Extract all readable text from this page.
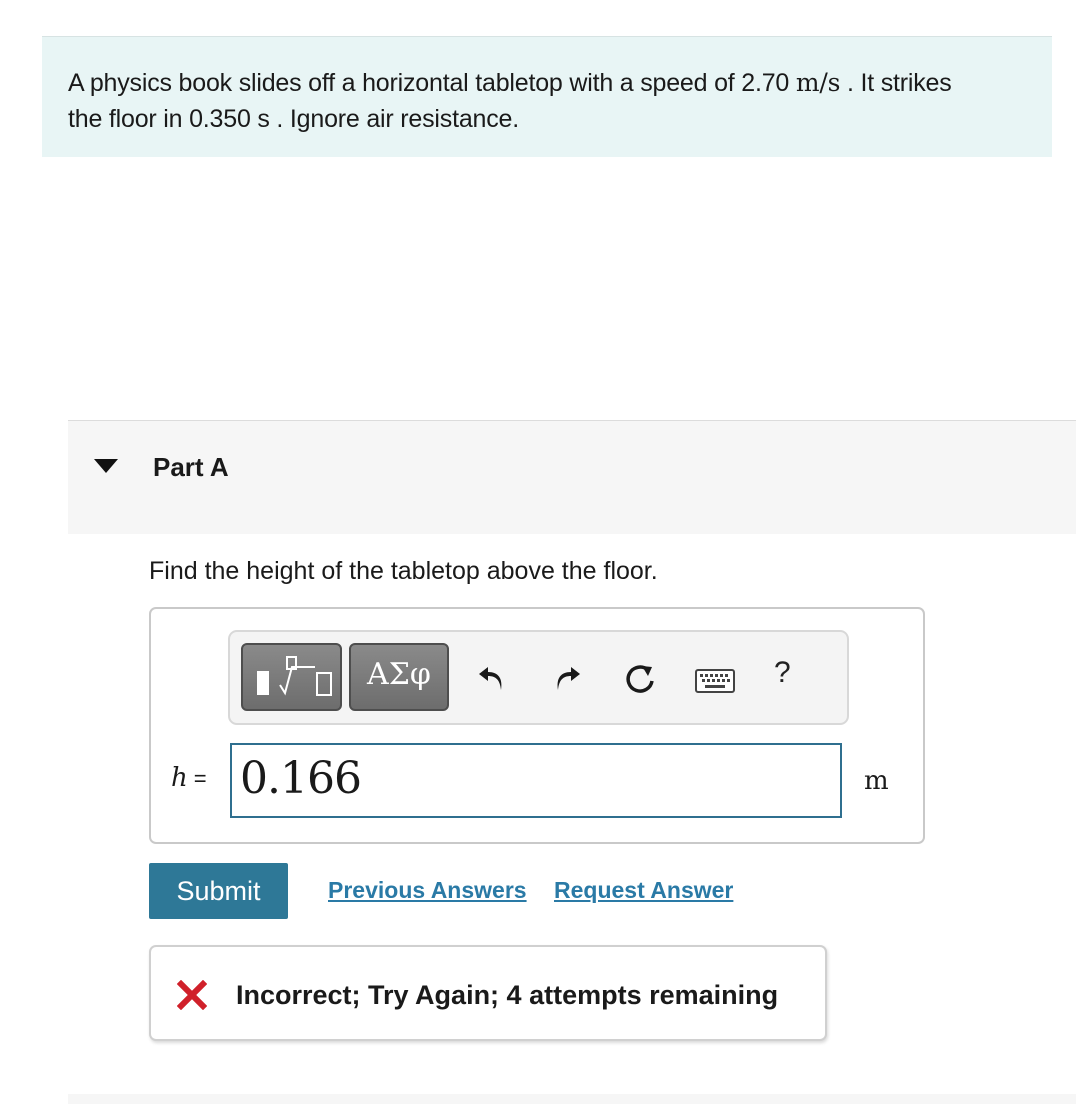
A physics book slides off a horizontal tabletop with a speed of 2.70 m/s . It strikes
the floor in 0.350 s . Ignore air resistance.
Part A
Find the height of the tabletop above the floor.
ΑΣφ	?
h = 0.166	m
Submit	Previous Answers Request Answer
Incorrect; Try Again; 4 attempts remaining
